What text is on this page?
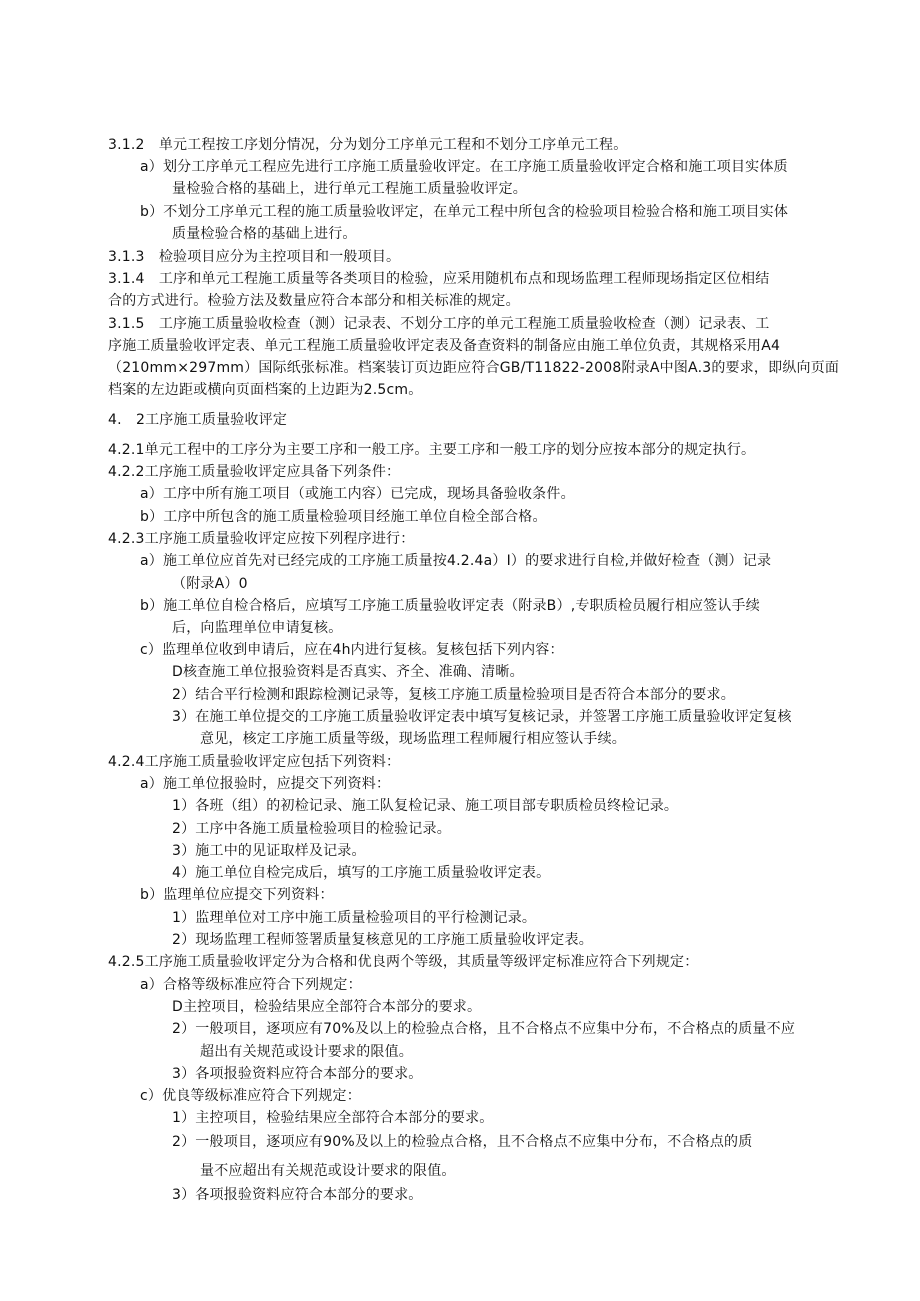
3.1.2　单元工程按工序划分情况，分为划分工序单元工程和不划分工序单元工程。
a）划分工序单元工程应先进行工序施工质量验收评定。在工序施工质量验收评定合格和施工项目实体质
量检验合格的基础上，进行单元工程施工质量验收评定。
b）不划分工序单元工程的施工质量验收评定，在单元工程中所包含的检验项目检验合格和施工项目实体
质量检验合格的基础上进行。
3.1.3　检验项目应分为主控项目和一般项目。
3.1.4　工序和单元工程施工质量等各类项目的检验，应采用随机布点和现场监理工程师现场指定区位相结
合的方式进行。检验方法及数量应符合本部分和相关标准的规定。
3.1.5　工序施工质量验收检查（测）记录表、不划分工序的单元工程施工质量验收检查（测）记录表、工
序施工质量验收评定表、单元工程施工质量验收评定表及备查资料的制备应由施工单位负责，其规格采用A4
（210mm×297mm）国际纸张标准。档案装订页边距应符合GB/T11822-2008附录A中图A.3的要求，即纵向页面
档案的左边距或横向页面档案的上边距为2.5cm。
4.　2工序施工质量验收评定
4.2.1单元工程中的工序分为主要工序和一般工序。主要工序和一般工序的划分应按本部分的规定执行。
4.2.2工序施工质量验收评定应具备下列条件：
a）工序中所有施工项目（或施工内容）已完成，现场具备验收条件。
b）工序中所包含的施工质量检验项目经施工单位自检全部合格。
4.2.3工序施工质量验收评定应按下列程序进行：
a）施工单位应首先对已经完成的工序施工质量按4.2.4a）I）的要求进行自检,并做好检查（测）记录
（附录A）0
b）施工单位自检合格后，应填写工序施工质量验收评定表（附录B）,专职质检员履行相应签认手续
后，向监理单位申请复核。
c）监理单位收到申请后，应在4h内进行复核。复核包括下列内容：
D核查施工单位报验资料是否真实、齐全、准确、清晰。
2）结合平行检测和跟踪检测记录等，复核工序施工质量检验项目是否符合本部分的要求。
3）在施工单位提交的工序施工质量验收评定表中填写复核记录，并签署工序施工质量验收评定复核
意见，核定工序施工质量等级，现场监理工程师履行相应签认手续。
4.2.4工序施工质量验收评定应包括下列资料：
a）施工单位报验时，应提交下列资料：
1）各班（组）的初检记录、施工队复检记录、施工项目部专职质检员终检记录。
2）工序中各施工质量检验项目的检验记录。
3）施工中的见证取样及记录。
4）施工单位自检完成后，填写的工序施工质量验收评定表。
b）监理单位应提交下列资料：
1）监理单位对工序中施工质量检验项目的平行检测记录。
2）现场监理工程师签署质量复核意见的工序施工质量验收评定表。
4.2.5工序施工质量验收评定分为合格和优良两个等级，其质量等级评定标准应符合下列规定：
a）合格等级标准应符合下列规定：
D主控项目，检验结果应全部符合本部分的要求。
2）一般项目，逐项应有70%及以上的检验点合格，且不合格点不应集中分布，不合格点的质量不应
超出有关规范或设计要求的限值。
3）各项报验资料应符合本部分的要求。
c）优良等级标准应符合下列规定：
1）主控项目，检验结果应全部符合本部分的要求。
2）一般项目，逐项应有90%及以上的检验点合格，且不合格点不应集中分布，不合格点的质
量不应超出有关规范或设计要求的限值。
3）各项报验资料应符合本部分的要求。
